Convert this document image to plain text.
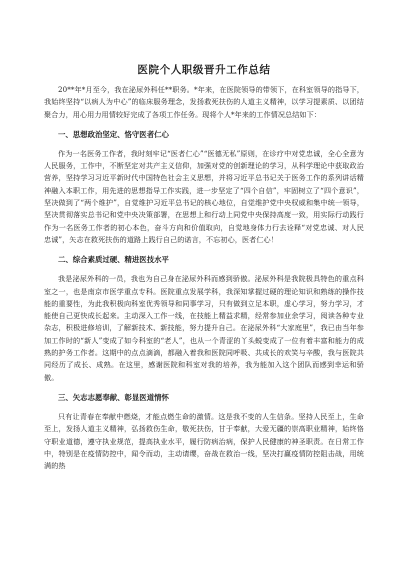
医院个人职级晋升工作总结

20**年*月至今，我在泌尿外科任**职务。*年来，在医院领导的带领下，在科室领导的指导下，我始终坚持“以病人为中心”的临床服务理念，发扬救死扶伤的人道主义精神，以学习提素质、以团结聚合力，用心用力用情较好完成了各项工作任务。现将个人*年来的工作情况总结如下：

一、思想政治坚定、恪守医者仁心

作为一名医务工作者，我时刻牢记“医者仁心”“医德无私”原则，在诊疗中对党忠诚，全心全意为人民服务，工作中，不断坚定对共产主义信仰，加强对党的创新理论的学习，从科学理论中获取政治营养，坚持学习习近平新时代中国特色社会主义思想，并将习近平总书记关于医务工作的系列讲话精神融入本职工作，用先进的思想指导工作实践，进一步坚定了“四个自信”，牢固树立了“四个意识”，坚决做到了“两个维护”，自觉维护习近平总书记的核心地位，自觉维护党中央权威和集中统一领导，坚决贯彻落实总书记和党中央决策部署，在思想上和行动上同党中央保持高度一致，用实际行动践行作为一名医务工作者的初心本色，奋斗方向和价值取向，自觉地身体力行去诠释“对党忠诚、对人民忠诚”，矢志在救死扶伤的道路上践行自己的诺言，不忘初心，医者仁心！

二、综合素质过硬、精进医技水平

我是泌尿外科的一员，我也为自己身在泌尿外科而感到骄傲。泌尿外科是我院极具特色的重点科室之一，也是南京市医学重点专科。医院重点发展学科，我深知掌握过硬的理论知识和熟练的操作技能的重要性，为此我积极向科室优秀领导和同事学习，只有做到立足本职，虚心学习，努力学习，才能使自己更快成长起来。主动深入工作一线，在技能上精益求精，经常参加业余学习，阅读各种专业杂志，积极进修培训，了解新技术、新技能，努力提升自己。在泌尿外科“大家庭里”，我已由当年参加工作时的“新人”变成了如今科室的“老人”，也从一个青涩的丫头蜕变成了一位有着丰富和能力的成熟的护务工作者。这期中的点点滴滴，都融入着我和医院同呼吸、共成长的欢笑与辛酸，我与医院共同经历了成长、成熟。在这里，感谢医院和科室对我的培养，我为能加入这个团队而感到幸运和骄傲。

三、矢志志愿奉献、彰显医道情怀

只有让青春在奉献中燃烧，才能点燃生命的激情。这是我不变的人生信条。坚持人民至上，生命至上，发扬人道主义精神，弘扬救伤生命，敬死扶伤，甘于奉献，大爱无疆的崇高职业精神，始终恪守职业道德，遵守执业规范，提高执业水平，履行防病治病，保护人民健康的神圣职责。在日常工作中，特别是在疫情防控中，闻令而动，主动请缨，奋战在救治一线，坚决打赢疫情防控阻击战，用统满的热
